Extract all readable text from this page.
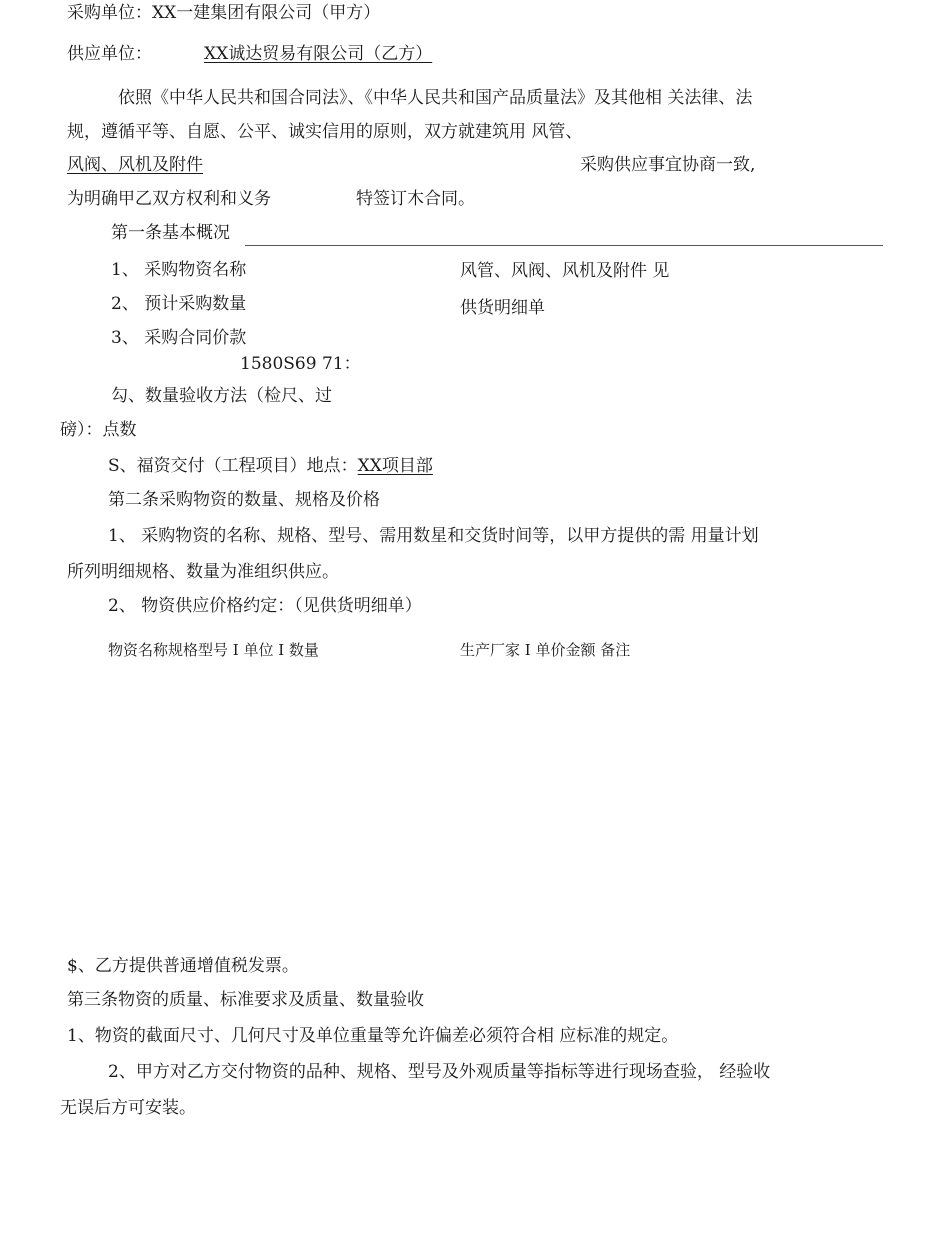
采购单位：XX一建集团有限公司（甲方）
供应单位：	XX诚达贸易有限公司（乙方）
依照《中华人民共和国合同法》、《中华人民共和国产品质量法》及其他相 关法律、法
规，遵循平等、自愿、公平、诚实信用的原则，双方就建筑用 风管、
风阀、风机及附件	采购供应事宜协商一致,
为明确甲乙双方权利和义务	特签订木合同。
第一条基本概况
1、 采购物资名称	风管、风阀、风机及附件 见
2、 预计采购数量	供货明细单
3、 采购合同价款
1580S69 71：
勾、数量验收方法（检尺、过
磅）：点数
S、福资交付（工程项目）地点：XX项目部
第二条采购物资的数量、规格及价格
1、 采购物资的名称、规格、型号、需用数星和交货时间等，以甲方提供的需 用量计划
所列明细规格、数量为准组织供应。
2、 物资供应价格约定：（见供货明细单）
物资名称规格型号 I 单位 I 数量	生产厂家 I 单价金额 备注
$、乙方提供普通增值税发票。
第三条物资的质量、标准要求及质量、数量验收
1、物资的截面尺寸、几何尺寸及单位重量等允许偏差必须符合相 应标准的规定。
2、甲方对乙方交付物资的品种、规格、型号及外观质量等指标等进行现场查验， 经验收
无误后方可安装。
